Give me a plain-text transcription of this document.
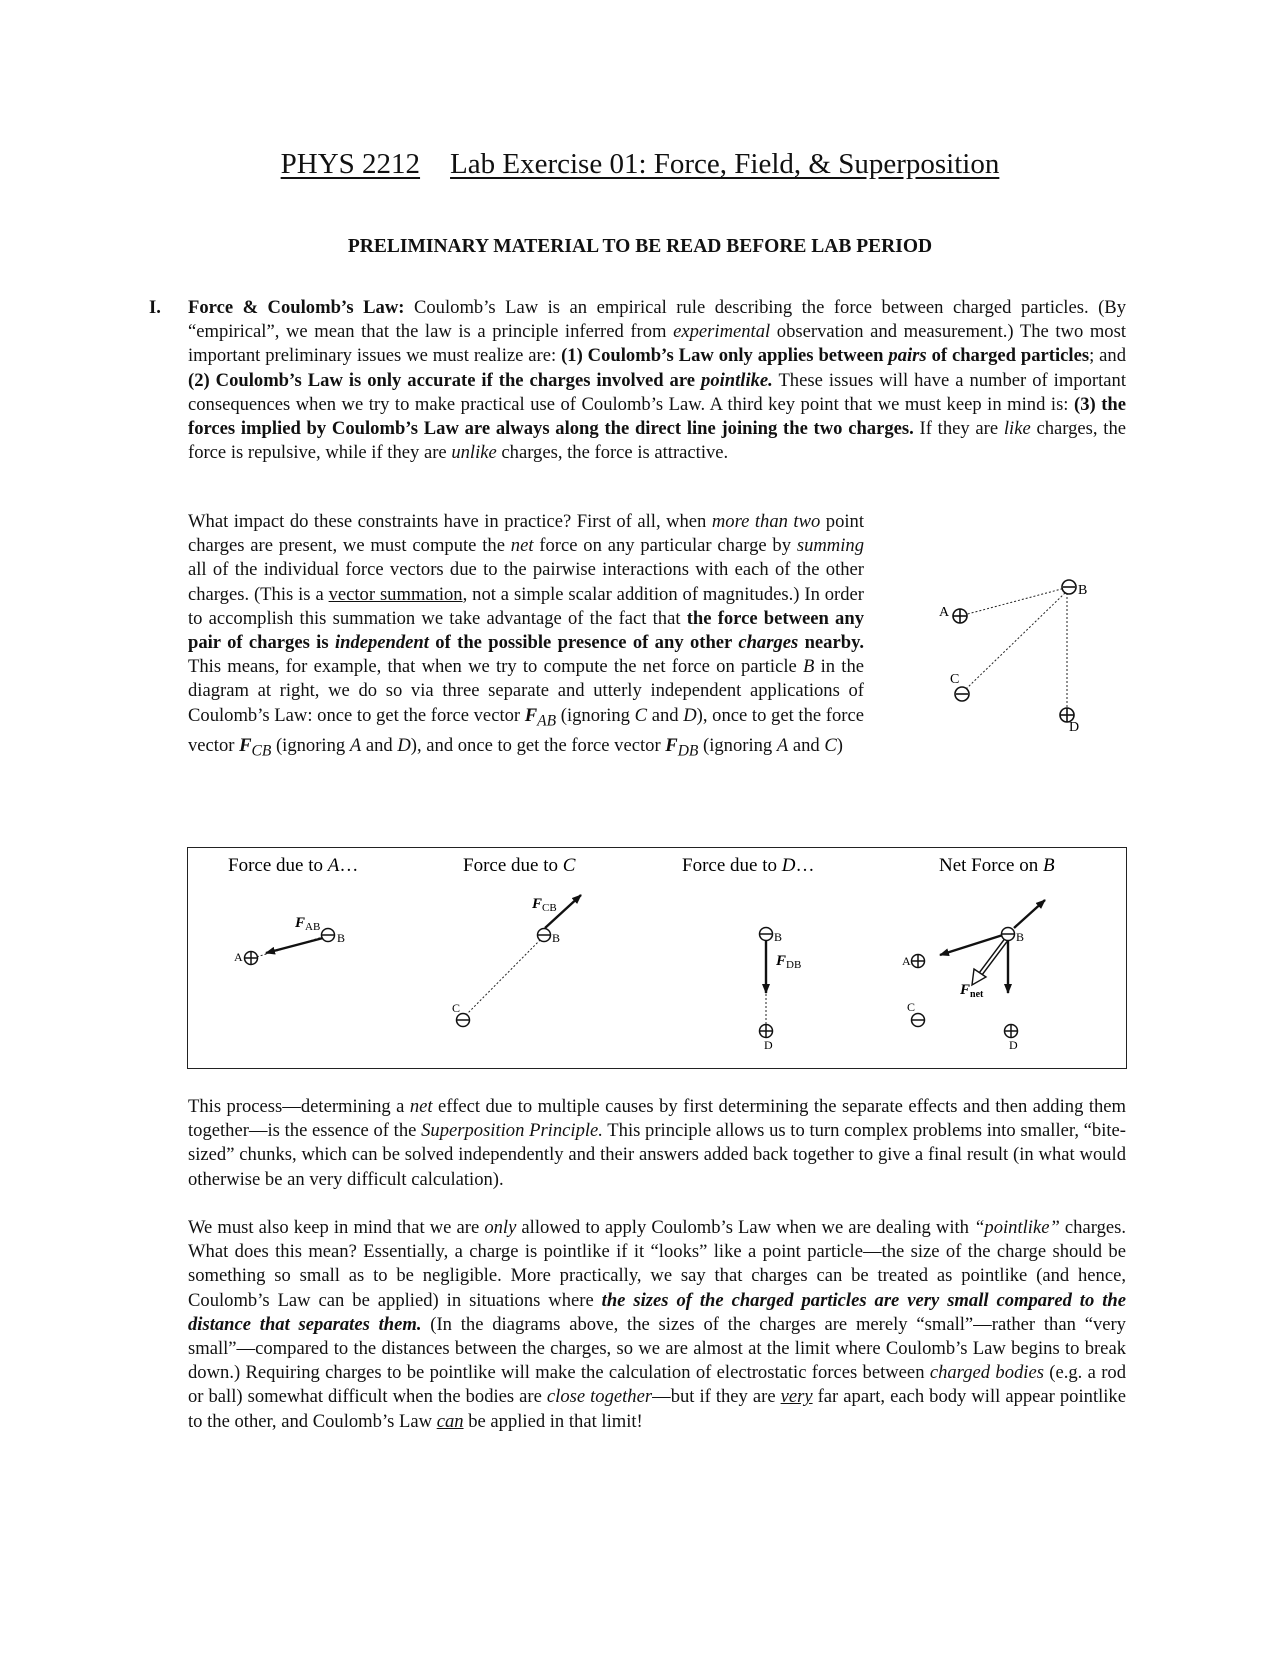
PHYS 2212 Lab Exercise 01: Force, Field, & Superposition
PRELIMINARY MATERIAL TO BE READ BEFORE LAB PERIOD
I. Force & Coulomb’s Law: Coulomb’s Law is an empirical rule describing the force between charged particles. (By “empirical”, we mean that the law is a principle inferred from experimental observation and measurement.) The two most important preliminary issues we must realize are: (1) Coulomb’s Law only applies between pairs of charged particles; and (2) Coulomb’s Law is only accurate if the charges involved are pointlike. These issues will have a number of important consequences when we try to make practical use of Coulomb’s Law. A third key point that we must keep in mind is: (3) the forces implied by Coulomb’s Law are always along the direct line joining the two charges. If they are like charges, the force is repulsive, while if they are unlike charges, the force is attractive.
What impact do these constraints have in practice? First of all, when more than two point charges are present, we must compute the net force on any particular charge by summing all of the individual force vectors due to the pairwise interactions with each of the other charges. (This is a vector summation, not a simple scalar addition of magnitudes.) In order to accomplish this summation we take advantage of the fact that the force between any pair of charges is independent of the possible presence of any other charges nearby. This means, for example, that when we try to compute the net force on particle B in the diagram at right, we do so via three separate and utterly independent applications of Coulomb’s Law: once to get the force vector $F_{AB}$ (ignoring C and D), once to get the force vector $F_{CB}$ (ignoring A and D), and once to get the force vector $F_{DB}$ (ignoring A and C)
A
B
C
D
Force due to A…	Force due to C	Force due to D…	Net Force on B
A
B
$F_{AB}$
B
C
$F_{CB}$
B
D
$F_{DB}$	A
B
C
D
$F_{net}$
This process—determining a net effect due to multiple causes by first determining the separate effects and then adding them together—is the essence of the Superposition Principle. This principle allows us to turn complex problems into smaller, “bite-sized” chunks, which can be solved independently and their answers added back together to give a final result (in what would otherwise be an very difficult calculation).
We must also keep in mind that we are only allowed to apply Coulomb’s Law when we are dealing with “pointlike” charges. What does this mean? Essentially, a charge is pointlike if it “looks” like a point particle—the size of the charge should be something so small as to be negligible. More practically, we say that charges can be treated as pointlike (and hence, Coulomb’s Law can be applied) in situations where the sizes of the charged particles are very small compared to the distance that separates them. (In the diagrams above, the sizes of the charges are merely “small”—rather than “very small”—compared to the distances between the charges, so we are almost at the limit where Coulomb’s Law begins to break down.) Requiring charges to be pointlike will make the calculation of electrostatic forces between charged bodies (e.g. a rod or ball) somewhat difficult when the bodies are close together—but if they are very far apart, each body will appear pointlike to the other, and Coulomb’s Law can be applied in that limit!
